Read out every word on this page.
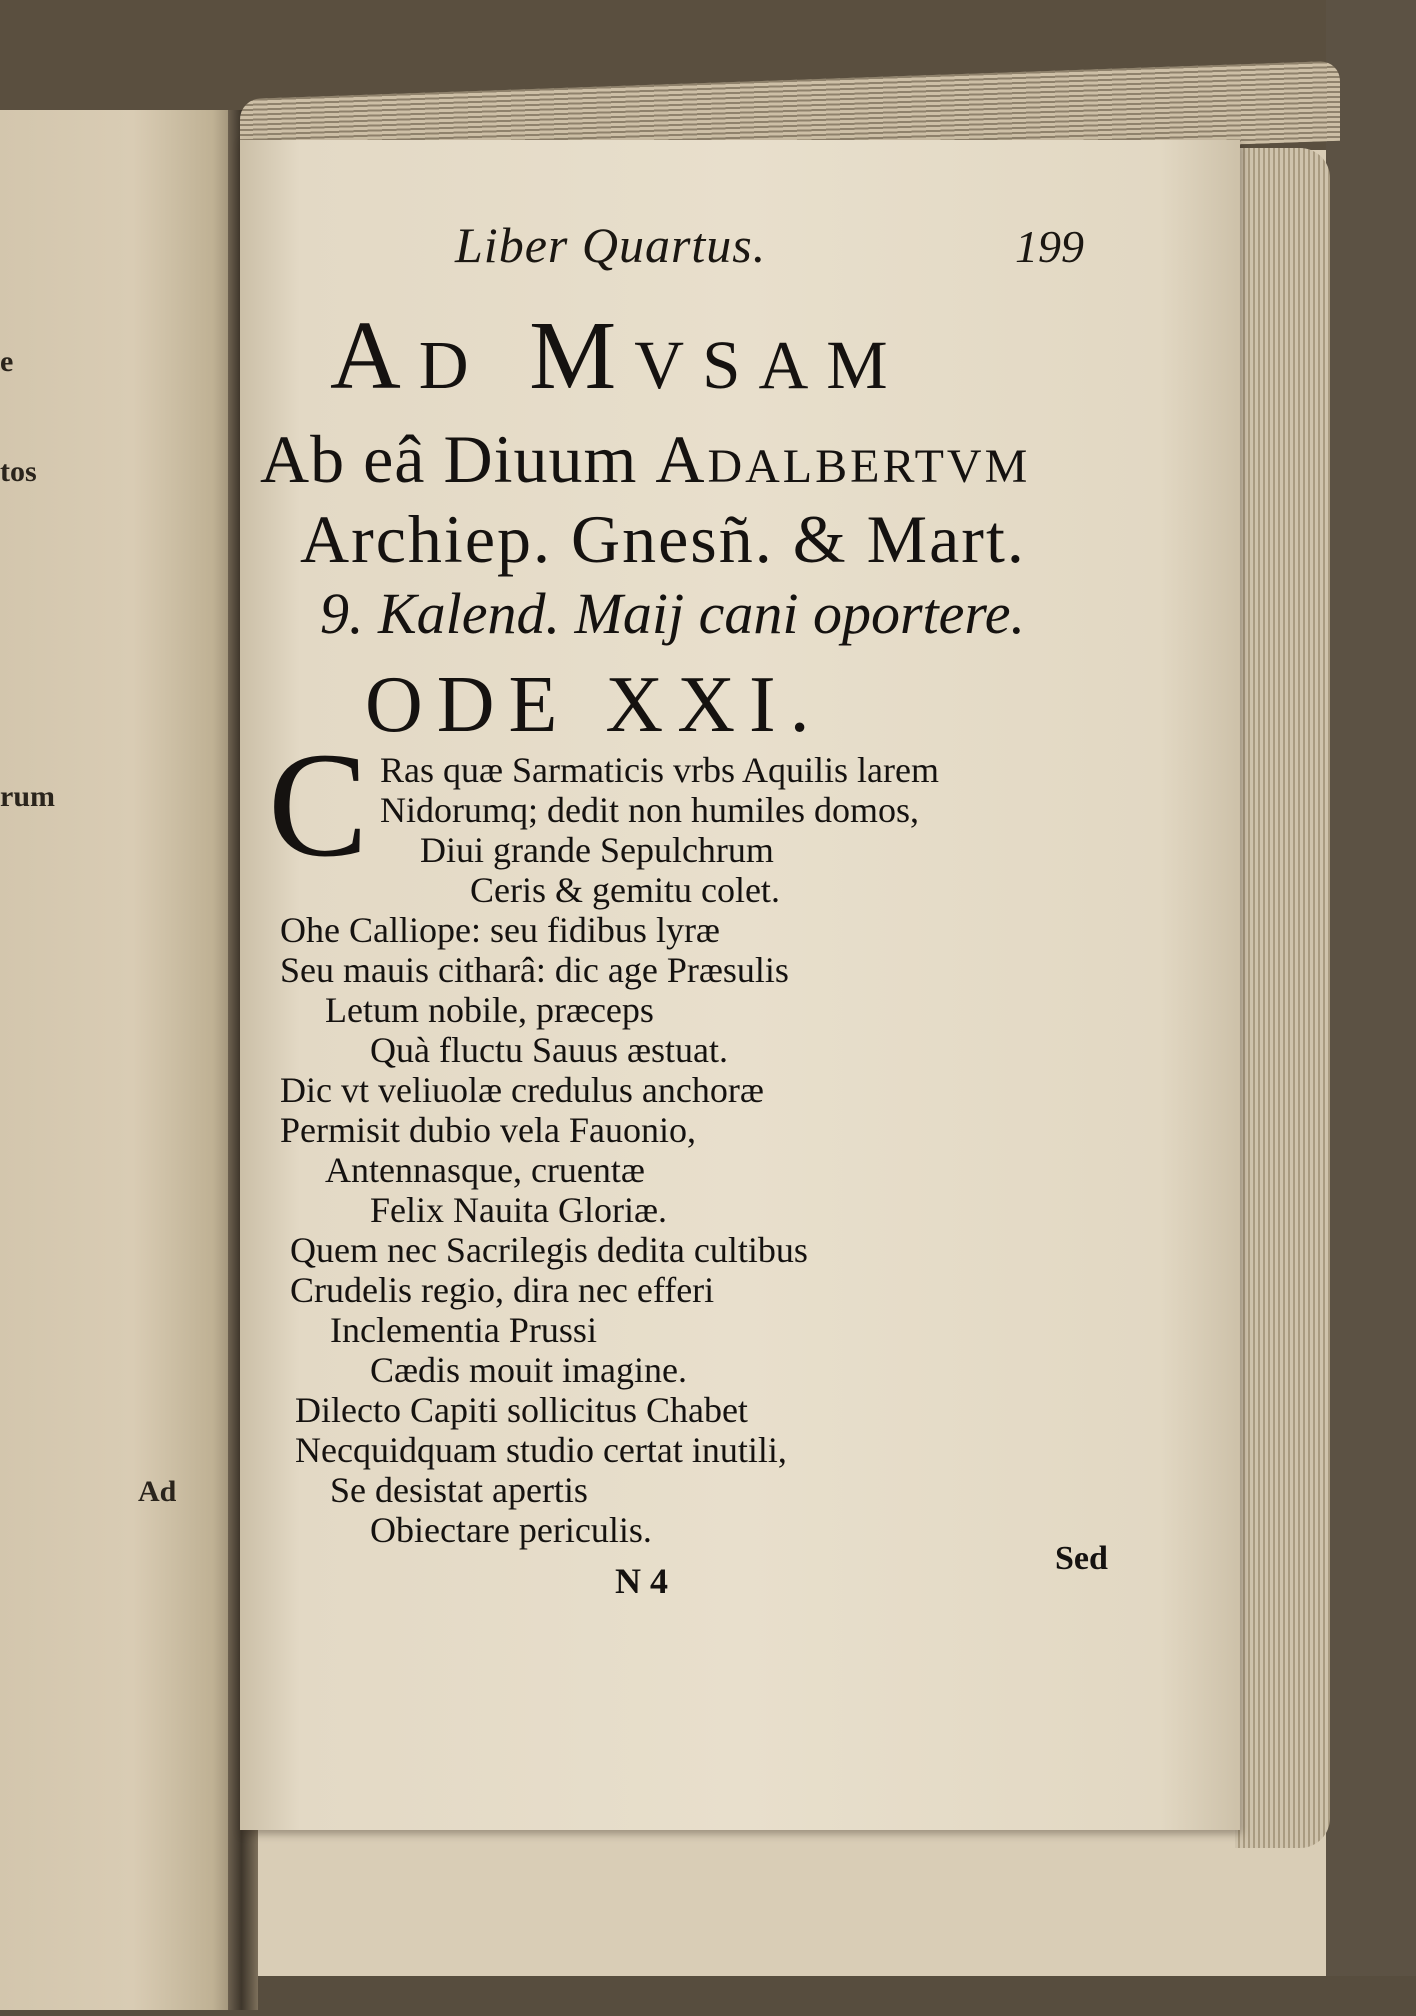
e
tos
rum
Ad
Liber Quartus.	199
Ad Mvsam
Ab eâ Diuum Adalbertvm
Archiep. Gnesñ. & Mart.
9. Kalend. Maij cani oportere.
ODE XXI.
C Ras quæ Sarmaticis vrbs Aquilis larem
Nidorumq; dedit non humiles domos,
Diui grande Sepulchrum
Ceris & gemitu colet.
Ohe Calliope: seu fidibus lyræ
Seu mauis citharâ: dic age Præsulis
Letum nobile, præceps
Quà fluctu Sauus æstuat.
Dic vt veliuolæ credulus anchoræ
Permisit dubio vela Fauonio,
Antennasque, cruentæ
Felix Nauita Gloriæ.
Quem nec Sacrilegis dedita cultibus
Crudelis regio, dira nec efferi
Inclementia Prussi
Cædis mouit imagine.
Dilecto Capiti sollicitus Chabet
Necquidquam studio certat inutili,
Se desistat apertis
Obiectare periculis.
N 4
Sed
